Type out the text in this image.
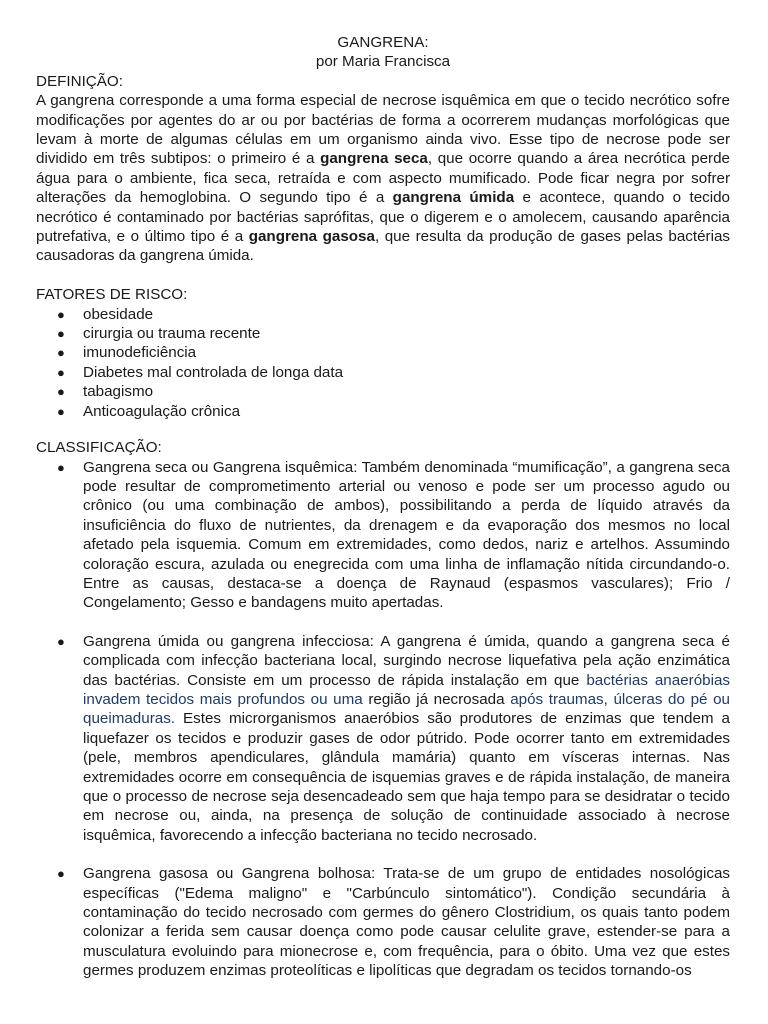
GANGRENA:
por Maria Francisca
DEFINIÇÃO:

A gangrena corresponde a uma forma especial de necrose isquêmica em que o tecido necrótico sofre modificações por agentes do ar ou por bactérias de forma a ocorrerem mudanças morfológicas que levam à morte de algumas células em um organismo ainda vivo. Esse tipo de necrose pode ser dividido em três subtipos: o primeiro é a gangrena seca, que ocorre quando a área necrótica perde água para o ambiente, fica seca, retraída e com aspecto mumificado. Pode ficar negra por sofrer alterações da hemoglobina. O segundo tipo é a gangrena úmida e acontece, quando o tecido necrótico é contaminado por bactérias saprófitas, que o digerem e o amolecem, causando aparência putrefativa, e o último tipo é a gangrena gasosa, que resulta da produção de gases pelas bactérias causadoras da gangrena úmida.

FATORES DE RISCO:
● obesidade
● cirurgia ou trauma recente
● imunodeficiência
● Diabetes mal controlada de longa data
● tabagismo
● Anticoagulação crônica
CLASSIFICAÇÃO:
● Gangrena seca ou Gangrena isquêmica: Também denominada “mumificação”, a gangrena seca pode resultar de comprometimento arterial ou venoso e pode ser um processo agudo ou crônico (ou uma combinação de ambos), possibilitando a perda de líquido através da insuficiência do fluxo de nutrientes, da drenagem e da evaporação dos mesmos no local afetado pela isquemia. Comum em extremidades, como dedos, nariz e artelhos. Assumindo coloração escura, azulada ou enegrecida com uma linha de inflamação nítida circundando-o. Entre as causas, destaca-se a doença de Raynaud (espasmos vasculares); Frio / Congelamento; Gesso e bandagens muito apertadas.
● Gangrena úmida ou gangrena infecciosa: A gangrena é úmida, quando a gangrena seca é complicada com infecção bacteriana local, surgindo necrose liquefativa pela ação enzimática das bactérias. Consiste em um processo de rápida instalação em que bactérias anaeróbias invadem tecidos mais profundos ou uma região já necrosada após traumas, úlceras do pé ou queimaduras. Estes microrganismos anaeróbios são produtores de enzimas que tendem a liquefazer os tecidos e produzir gases de odor pútrido. Pode ocorrer tanto em extremidades (pele, membros apendiculares, glândula mamária) quanto em vísceras internas. Nas extremidades ocorre em consequência de isquemias graves e de rápida instalação, de maneira que o processo de necrose seja desencadeado sem que haja tempo para se desidratar o tecido em necrose ou, ainda, na presença de solução de continuidade associado à necrose isquêmica, favorecendo a infecção bacteriana no tecido necrosado.
● Gangrena gasosa ou Gangrena bolhosa: Trata-se de um grupo de entidades nosológicas específicas ("Edema maligno" e "Carbúnculo sintomático"). Condição secundária à contaminação do tecido necrosado com germes do gênero Clostridium, os quais tanto podem colonizar a ferida sem causar doença como pode causar celulite grave, estender-se para a musculatura evoluindo para mionecrose e, com frequência, para o óbito. Uma vez que estes germes produzem enzimas proteolíticas e lipolíticas que degradam os tecidos tornando-os
